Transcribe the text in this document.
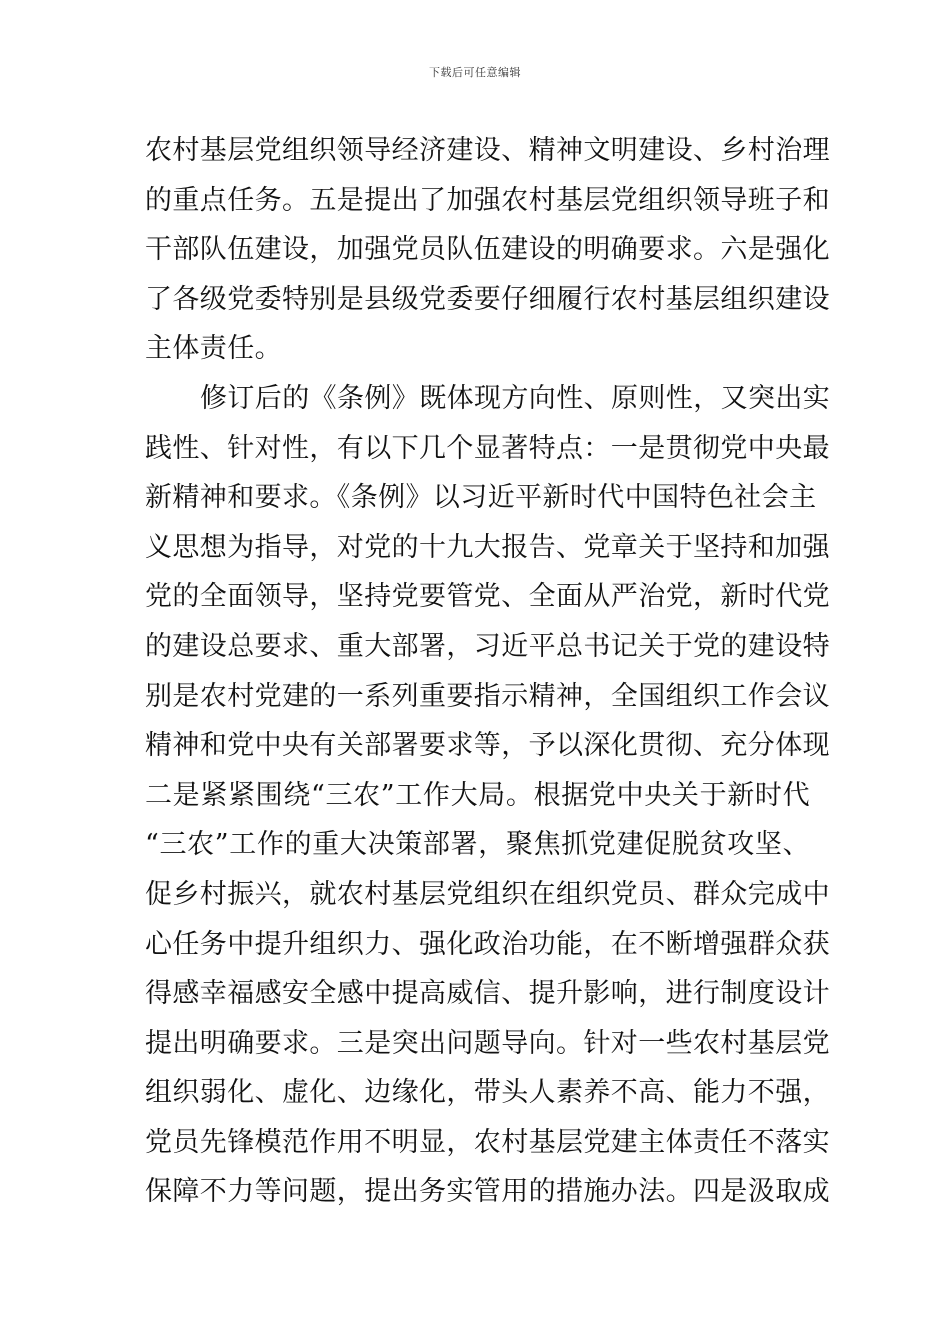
下载后可任意编辑
农村基层党组织领导经济建设、精神文明建设、乡村治理
的重点任务。五是提出了加强农村基层党组织领导班子和
干部队伍建设，加强党员队伍建设的明确要求。六是强化
了各级党委特别是县级党委要仔细履行农村基层组织建设
主体责任。
修订后的《条例》既体现方向性、原则性，又突出实
践性、针对性，有以下几个显著特点：一是贯彻党中央最
新精神和要求。《条例》以习近平新时代中国特色社会主
义思想为指导，对党的十九大报告、党章关于坚持和加强
党的全面领导，坚持党要管党、全面从严治党，新时代党
的建设总要求、重大部署，习近平总书记关于党的建设特
别是农村党建的一系列重要指示精神，全国组织工作会议
精神和党中央有关部署要求等，予以深化贯彻、充分体现
二是紧紧围绕“三农”工作大局。根据党中央关于新时代
“三农”工作的重大决策部署，聚焦抓党建促脱贫攻坚、
促乡村振兴，就农村基层党组织在组织党员、群众完成中
心任务中提升组织力、强化政治功能，在不断增强群众获
得感幸福感安全感中提高威信、提升影响，进行制度设计
提出明确要求。三是突出问题导向。针对一些农村基层党
组织弱化、虚化、边缘化，带头人素养不高、能力不强，
党员先锋模范作用不明显，农村基层党建主体责任不落实
保障不力等问题，提出务实管用的措施办法。四是汲取成
